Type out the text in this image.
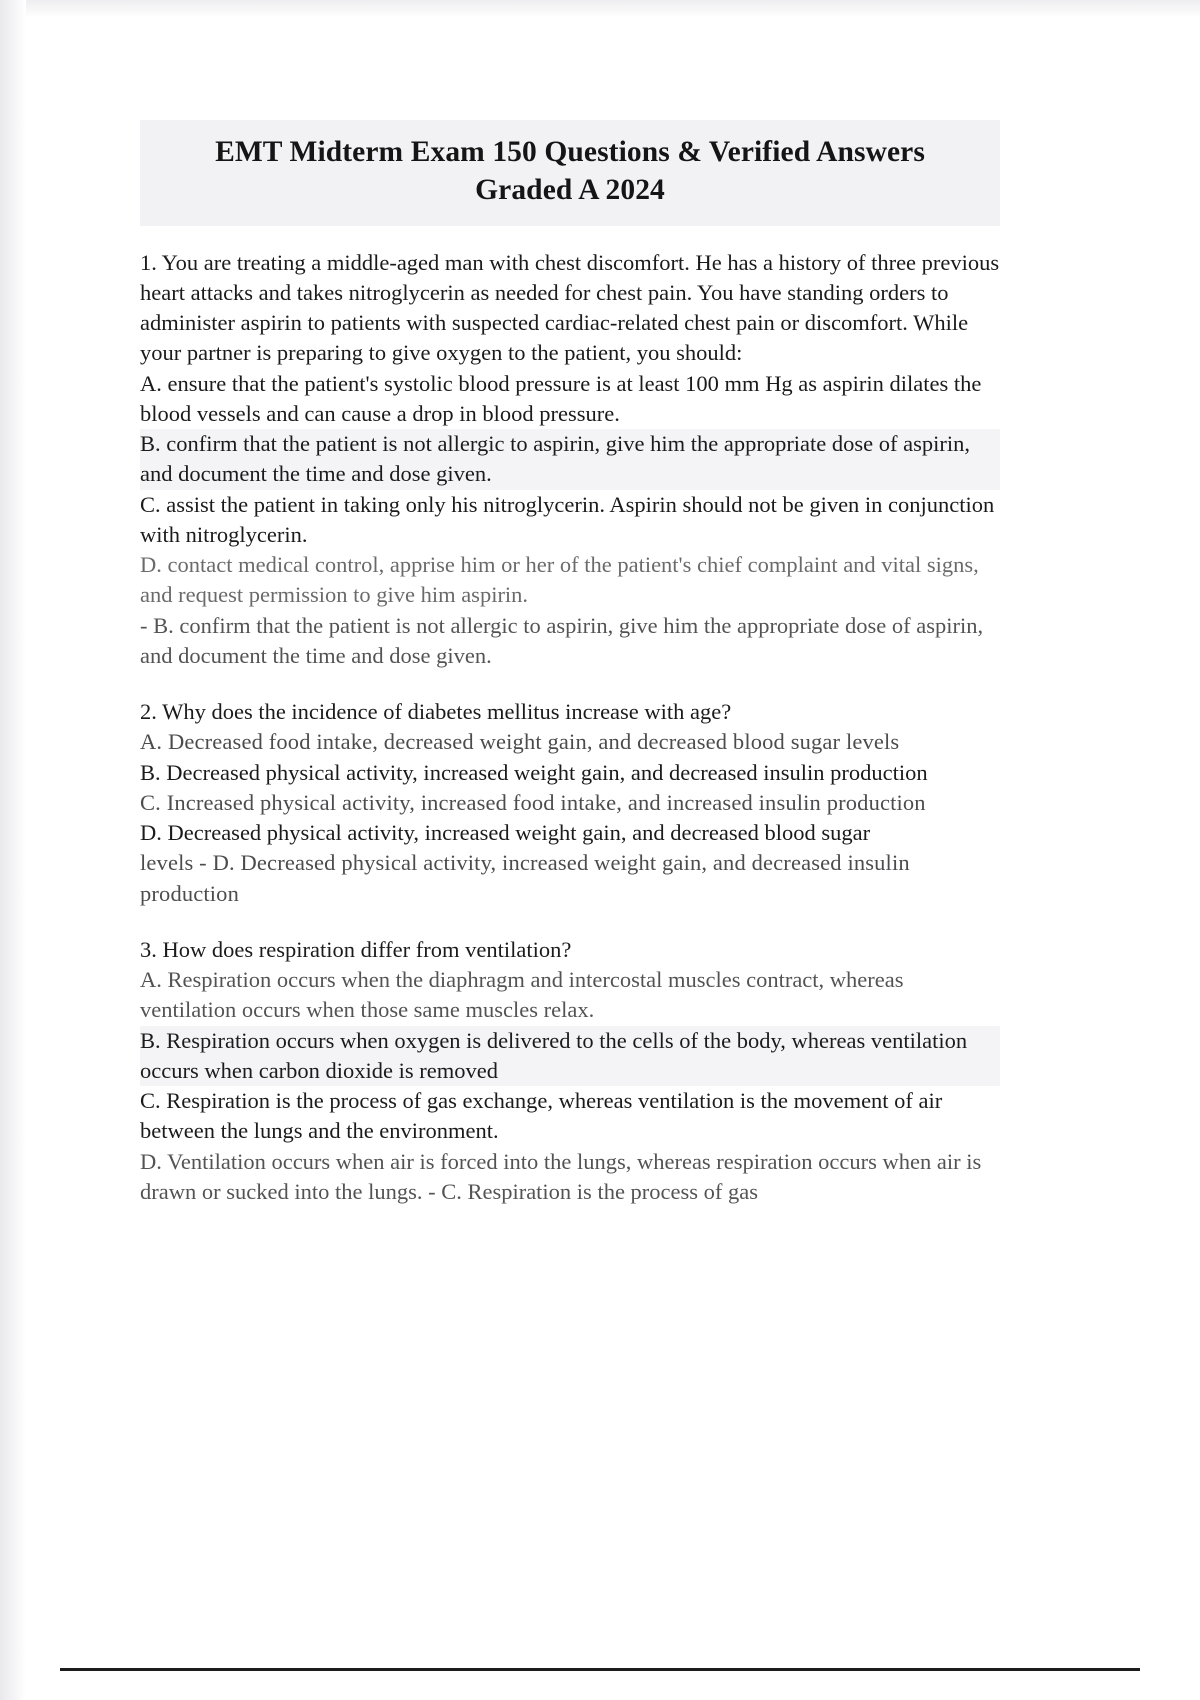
EMT Midterm Exam 150 Questions & Verified Answers
Graded A 2024

1. You are treating a middle-aged man with chest discomfort. He has a history of three previous heart attacks and takes nitroglycerin as needed for chest pain. You have standing orders to administer aspirin to patients with suspected cardiac-related chest pain or discomfort. While your partner is preparing to give oxygen to the patient, you should:

A. ensure that the patient's systolic blood pressure is at least 100 mm Hg as aspirin dilates the blood vessels and can cause a drop in blood pressure.

B. confirm that the patient is not allergic to aspirin, give him the appropriate dose of aspirin, and document the time and dose given.

C. assist the patient in taking only his nitroglycerin. Aspirin should not be given in conjunction with nitroglycerin.

D. contact medical control, apprise him or her of the patient's chief complaint and vital signs, and request permission to give him aspirin.

- B. confirm that the patient is not allergic to aspirin, give him the appropriate dose of aspirin, and document the time and dose given.

2. Why does the incidence of diabetes mellitus increase with age?

A. Decreased food intake, decreased weight gain, and decreased blood sugar levels

B. Decreased physical activity, increased weight gain, and decreased insulin production

C. Increased physical activity, increased food intake, and increased insulin production

D. Decreased physical activity, increased weight gain, and decreased blood sugar

levels - D. Decreased physical activity, increased weight gain, and decreased insulin production

3. How does respiration differ from ventilation?

A. Respiration occurs when the diaphragm and intercostal muscles contract, whereas ventilation occurs when those same muscles relax.

B. Respiration occurs when oxygen is delivered to the cells of the body, whereas ventilation occurs when carbon dioxide is removed

C. Respiration is the process of gas exchange, whereas ventilation is the movement of air between the lungs and the environment.

D. Ventilation occurs when air is forced into the lungs, whereas respiration occurs when air is drawn or sucked into the lungs. - C. Respiration is the process of gas
